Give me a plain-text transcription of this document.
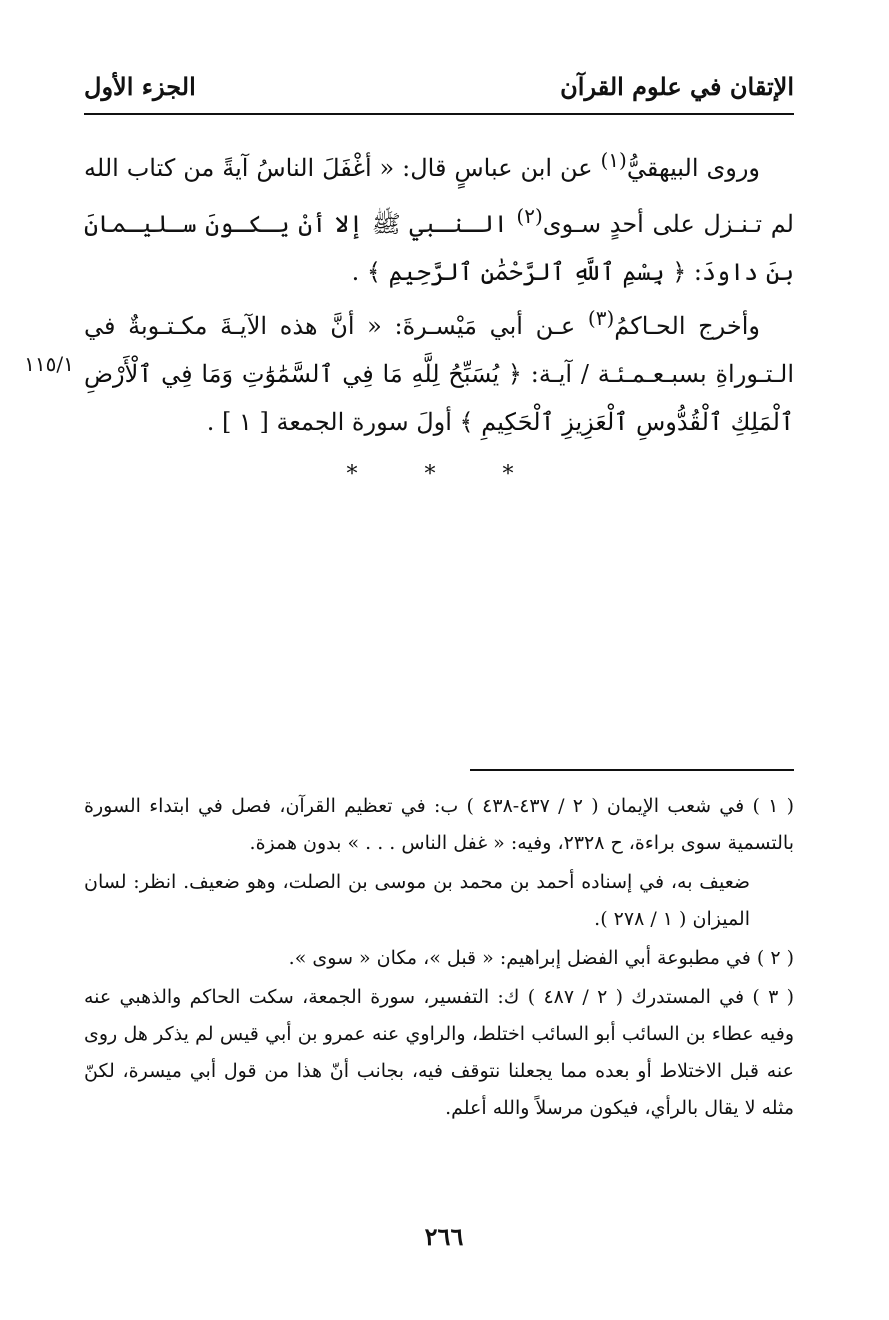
الإتقان في علوم القرآن
الجزء الأول
وروى البيهقيُّ$^{(١)}$ عن ابن عباسٍ قال: « أغْفَلَ الناسُ آيةً من كتاب الله لم تـنـزل على أحدٍ سـوى$^{(٢)}$ الـنـبي ﷺ إلا أنْ يـكـونَ سـليـمانَ بنَ داودَ: ﴿ بِسْمِ ٱللَّهِ ٱلرَّحْمَٰنِ ٱلرَّحِيمِ ﴾ .
وأخرج الحـاكمُ$^{(٣)}$ عـن أبي مَيْسـرةَ: « أنَّ هذه الآيـةَ مكـتـوبةٌ في الـتـوراةِ بسبـعـمـئـة / آيـة: ﴿ يُسَبِّحُ لِلَّهِ مَا فِي ٱلسَّمَٰوَٰتِ وَمَا فِي ٱلْأَرْضِ ٱلْمَلِكِ ٱلْقُدُّوسِ ٱلْعَزِيزِ ٱلْحَكِيمِ ﴾ أولَ سورة الجمعة [ ١ ] .
١١٥/١
* * *

( ١ ) في شعب الإيمان ( ٢ / ٤٣٧-٤٣٨ ) ب: في تعظيم القرآن، فصل في ابتداء السورة بالتسمية سوى براءة، ح ٢٣٢٨، وفيه: « غفل الناس . . . » بدون همزة.

ضعيف به، في إسناده أحمد بن محمد بن موسى بن الصلت، وهو ضعيف. انظر: لسان الميزان ( ١ / ٢٧٨ ).

( ٢ ) في مطبوعة أبي الفضل إبراهيم: « قبل »، مكان « سوى ».

( ٣ ) في المستدرك ( ٢ / ٤٨٧ ) ك: التفسير، سورة الجمعة، سكت الحاكم والذهبي عنه وفيه عطاء بن السائب أبو السائب اختلط، والراوي عنه عمرو بن أبي قيس لم يذكر هل روى عنه قبل الاختلاط أو بعده مما يجعلنا نتوقف فيه، بجانب أنّ هذا من قول أبي ميسرة، لكنّ مثله لا يقال بالرأي، فيكون مرسلاً والله أعلم.

٢٦٦
